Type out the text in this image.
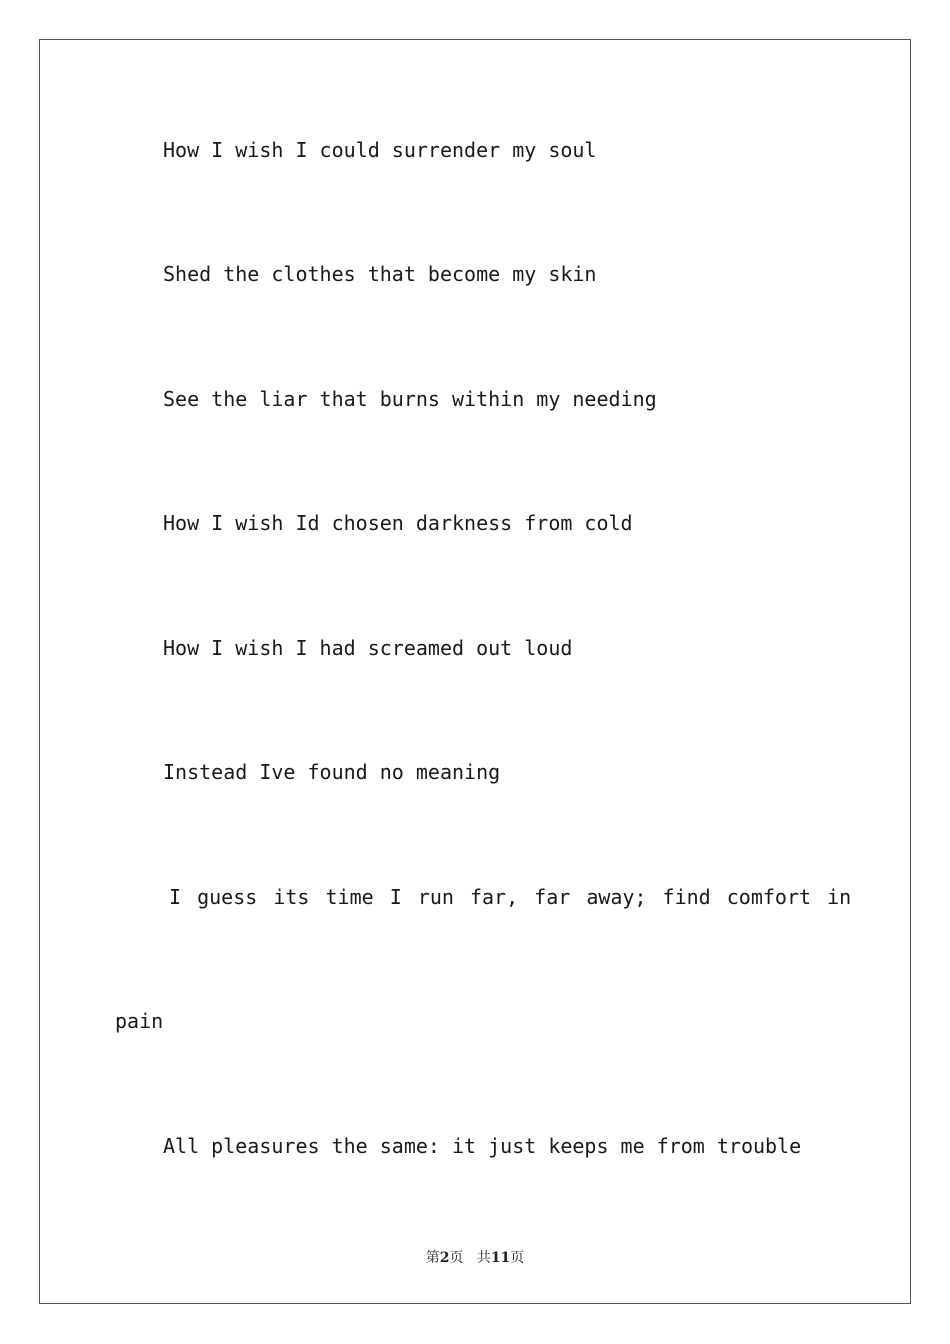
How I wish I could surrender my soul

Shed the clothes that become my skin

See the liar that burns within my needing

How I wish Id chosen darkness from cold

How I wish I had screamed out loud

Instead Ive found no meaning

I guess its time I run far, far away; find comfort in

pain

All pleasures the same: it just keeps me from trouble

第2页 共11页
